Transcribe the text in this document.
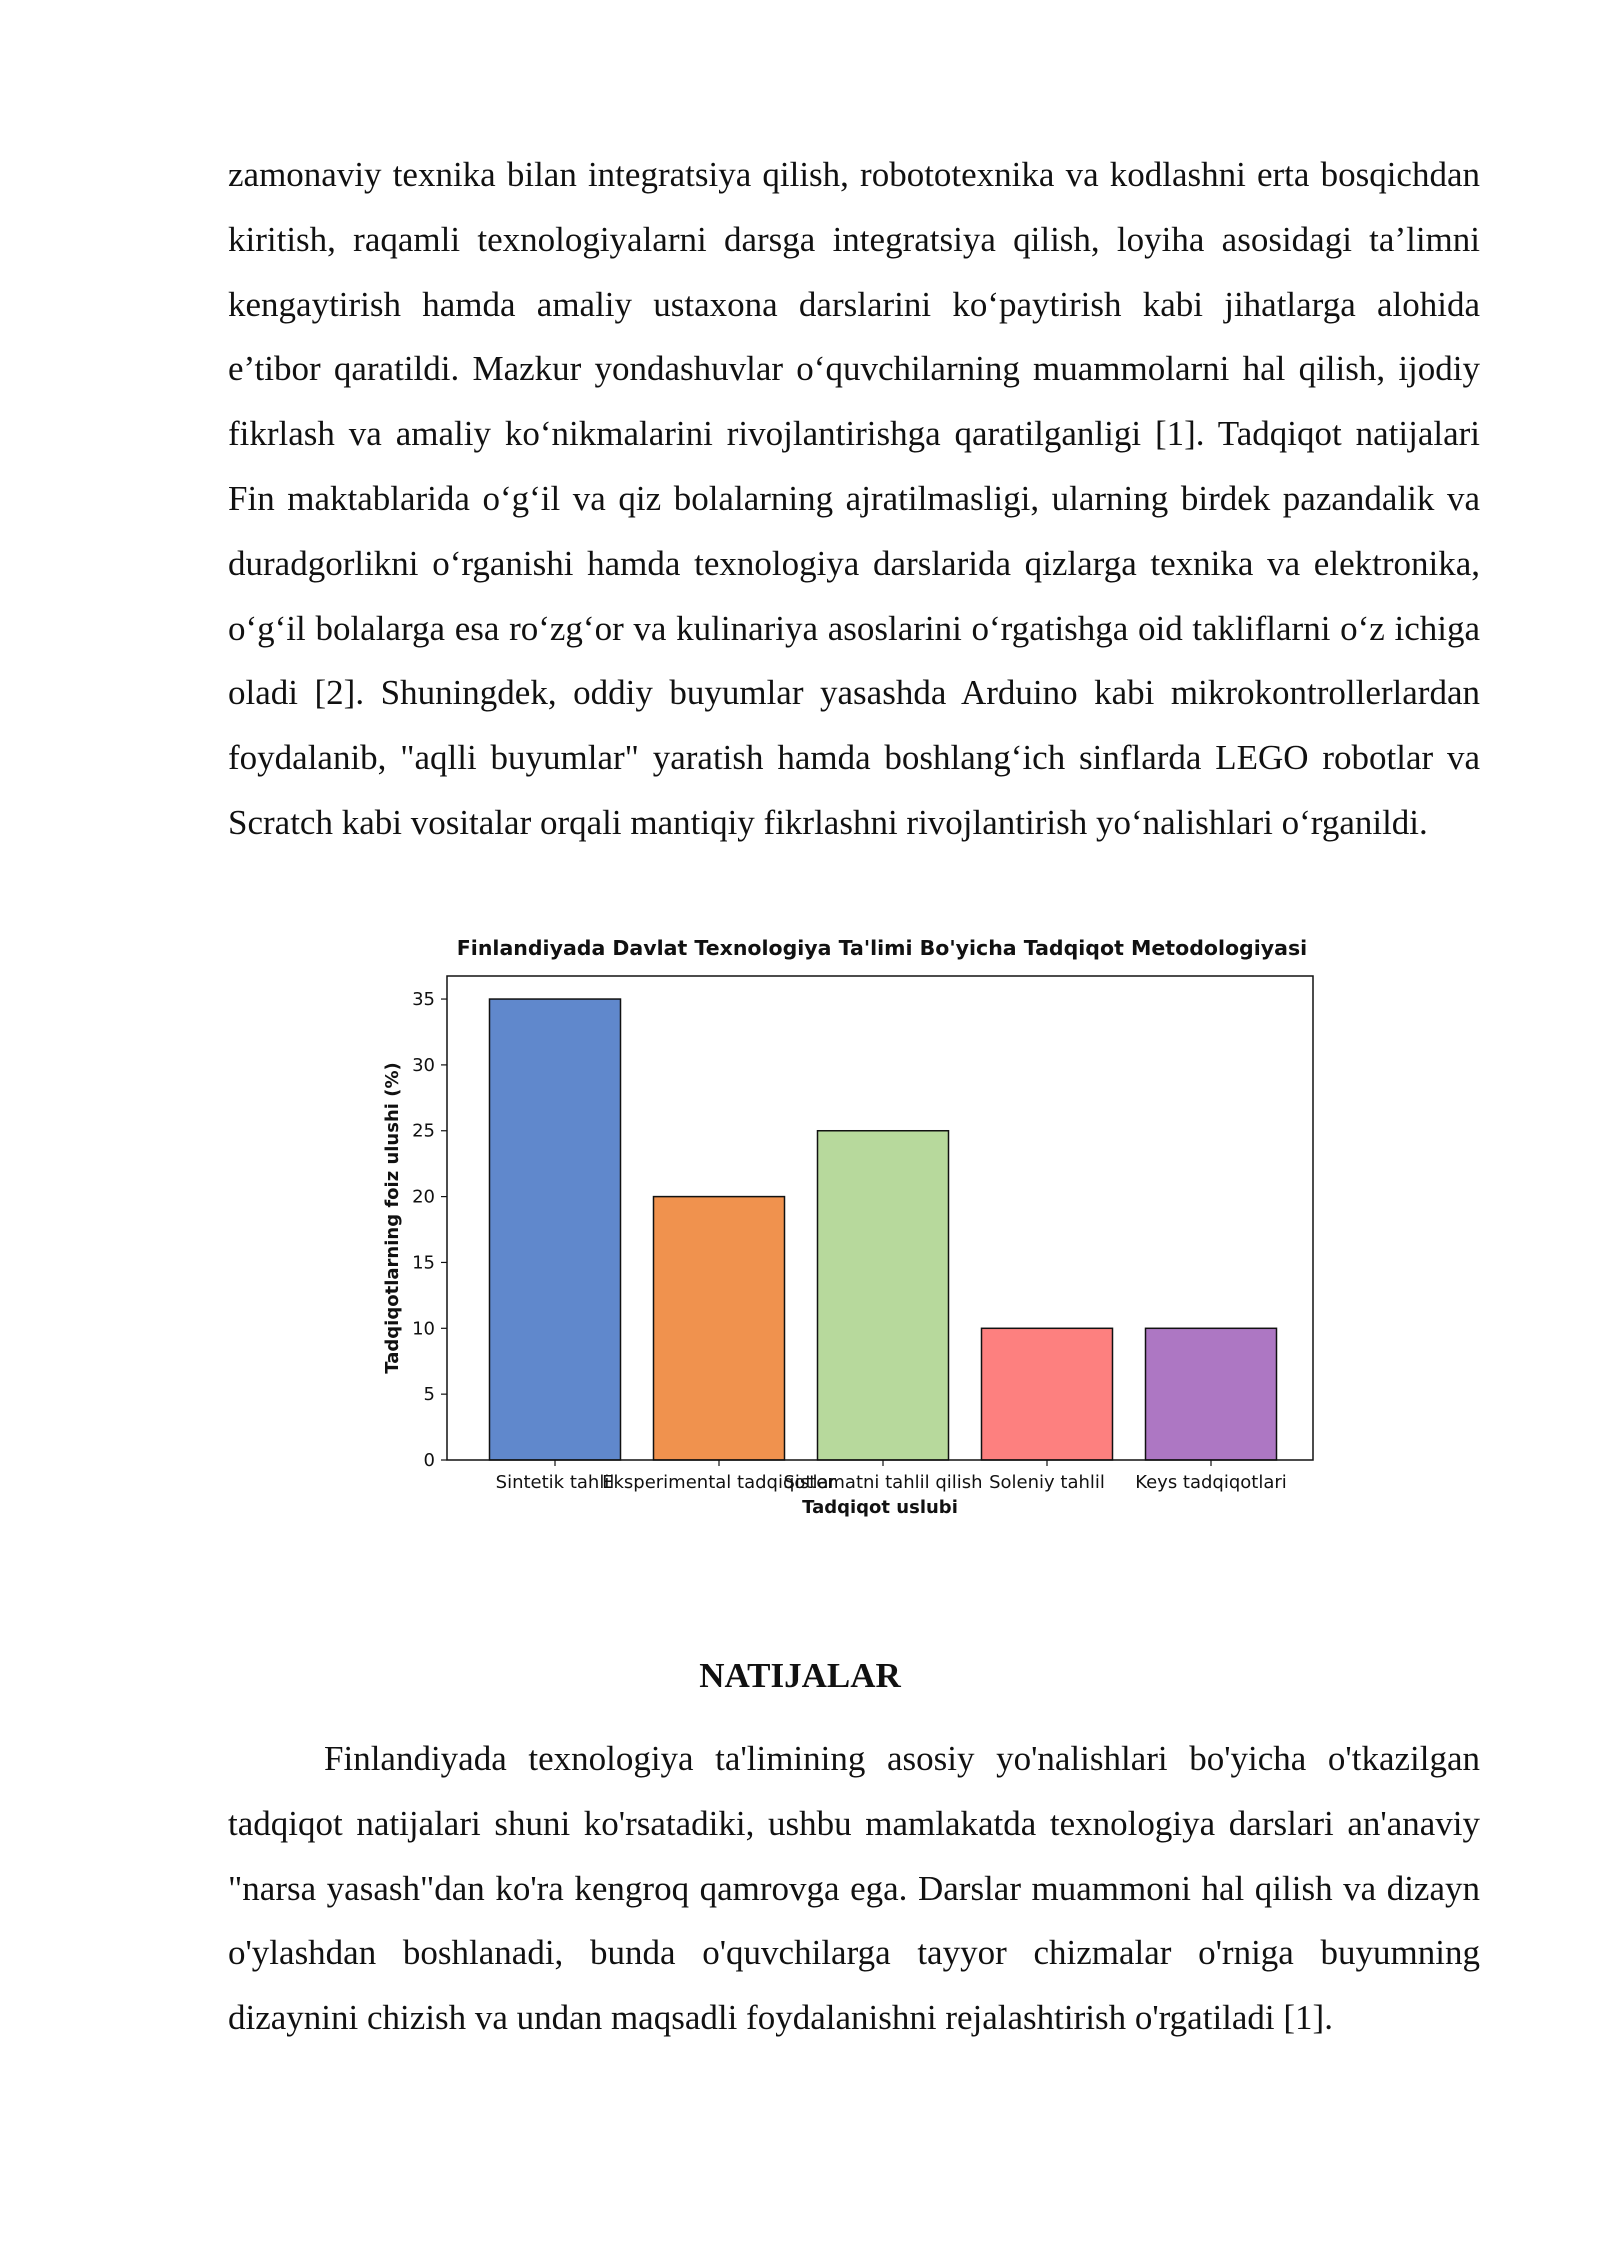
zamonaviy texnika bilan integratsiya qilish, robototexnika va kodlashni erta bosqichdan kiritish, raqamli texnologiyalarni darsga integratsiya qilish, loyiha asosidagi ta’limni kengaytirish hamda amaliy ustaxona darslarini ko‘paytirish kabi jihatlarga alohida e’tibor qaratildi. Mazkur yondashuvlar o‘quvchilarning muammolarni hal qilish, ijodiy fikrlash va amaliy ko‘nikmalarini rivojlantirishga qaratilganligi [1]. Tadqiqot natijalari Fin maktablarida o‘g‘il va qiz bolalarning ajratilmasligi, ularning birdek pazandalik va duradgorlikni o‘rganishi hamda texnologiya darslarida qizlarga texnika va elektronika, o‘g‘il bolalarga esa ro‘zg‘or va kulinariya asoslarini o‘rgatishga oid takliflarni o‘z ichiga oladi [2]. Shuningdek, oddiy buyumlar yasashda Arduino kabi mikrokontrollerlardan foydalanib, "aqlli buyumlar" yaratish hamda boshlang‘ich sinflarda LEGO robotlar va Scratch kabi vositalar orqali mantiqiy fikrlashni rivojlantirish yo‘nalishlari o‘rganildi.

Finlandiyada Davlat Texnologiya Ta'limi Bo'yicha Tadqiqot Metodologiyasi
Sintetik tahlil
Eksperimental tadqiqotlar
Sistematni tahlil qilish Soleniy tahlil Keys tadqiqotlari
0
5
10
15
20
25
30
35
Tadqiqot uslubi
Tadqiqotlarning foiz ulushi (%)
NATIJALAR

Finlandiyada texnologiya ta'limining asosiy yo'nalishlari bo'yicha o'tkazilgan tadqiqot natijalari shuni ko'rsatadiki, ushbu mamlakatda texnologiya darslari an'anaviy "narsa yasash"dan ko'ra kengroq qamrovga ega. Darslar muammoni hal qilish va dizayn o'ylashdan boshlanadi, bunda o'quvchilarga tayyor chizmalar o'rniga buyumning dizaynini chizish va undan maqsadli foydalanishni rejalashtirish o'rgatiladi [1].
